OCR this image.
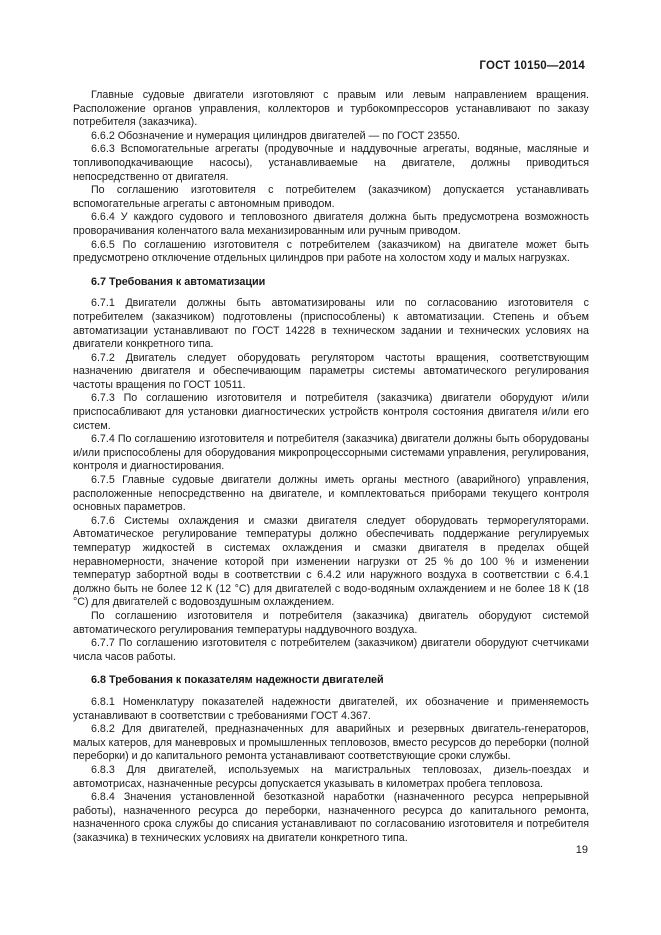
ГОСТ 10150—2014

Главные судовые двигатели изготовляют с правым или левым направлением вращения. Расположение органов управления, коллекторов и турбокомпрессоров устанавливают по заказу потребителя (заказчика).

6.6.2 Обозначение и нумерация цилиндров двигателей — по ГОСТ 23550.

6.6.3 Вспомогательные агрегаты (продувочные и наддувочные агрегаты, водяные, масляные и топливоподкачивающие насосы), устанавливаемые на двигателе, должны приводиться непосредственно от двигателя.

По соглашению изготовителя с потребителем (заказчиком) допускается устанавливать вспомогательные агрегаты с автономным приводом.

6.6.4 У каждого судового и тепловозного двигателя должна быть предусмотрена возможность проворачивания коленчатого вала механизированным или ручным приводом.

6.6.5 По соглашению изготовителя с потребителем (заказчиком) на двигателе может быть предусмотрено отключение отдельных цилиндров при работе на холостом ходу и малых нагрузках.

6.7 Требования к автоматизации

6.7.1 Двигатели должны быть автоматизированы или по согласованию изготовителя с потребителем (заказчиком) подготовлены (приспособлены) к автоматизации. Степень и объем автоматизации устанавливают по ГОСТ 14228 в техническом задании и технических условиях на двигатели конкретного типа.

6.7.2 Двигатель следует оборудовать регулятором частоты вращения, соответствующим назначению двигателя и обеспечивающим параметры системы автоматического регулирования частоты вращения по ГОСТ 10511.

6.7.3 По соглашению изготовителя и потребителя (заказчика) двигатели оборудуют и/или приспосабливают для установки диагностических устройств контроля состояния двигателя и/или его систем.

6.7.4 По соглашению изготовителя и потребителя (заказчика) двигатели должны быть оборудованы и/или приспособлены для оборудования микропроцессорными системами управления, регулирования, контроля и диагностирования.

6.7.5 Главные судовые двигатели должны иметь органы местного (аварийного) управления, расположенные непосредственно на двигателе, и комплектоваться приборами текущего контроля основных параметров.

6.7.6 Системы охлаждения и смазки двигателя следует оборудовать терморегуляторами. Автоматическое регулирование температуры должно обеспечивать поддержание регулируемых температур жидкостей в системах охлаждения и смазки двигателя в пределах общей неравномерности, значение которой при изменении нагрузки от 25 % до 100 % и изменении температур забортной воды в соответствии с 6.4.2 или наружного воздуха в соответствии с 6.4.1 должно быть не более 12 К (12 °С) для двигателей с водо-водяным охлаждением и не более 18 К (18 °С) для двигателей с водовоздушным охлаждением.

По соглашению изготовителя и потребителя (заказчика) двигатель оборудуют системой автоматического регулирования температуры наддувочного воздуха.

6.7.7 По соглашению изготовителя с потребителем (заказчиком) двигатели оборудуют счетчиками числа часов работы.

6.8 Требования к показателям надежности двигателей

6.8.1 Номенклатуру показателей надежности двигателей, их обозначение и применяемость устанавливают в соответствии с требованиями ГОСТ 4.367.

6.8.2 Для двигателей, предназначенных для аварийных и резервных двигатель-генераторов, малых катеров, для маневровых и промышленных тепловозов, вместо ресурсов до переборки (полной переборки) и до капитального ремонта устанавливают соответствующие сроки службы.

6.8.3 Для двигателей, используемых на магистральных тепловозах, дизель-поездах и автомотрисах, назначенные ресурсы допускается указывать в километрах пробега тепловоза.

6.8.4 Значения установленной безотказной наработки (назначенного ресурса непрерывной работы), назначенного ресурса до переборки, назначенного ресурса до капитального ремонта, назначенного срока службы до списания устанавливают по согласованию изготовителя и потребителя (заказчика) в технических условиях на двигатели конкретного типа.

19
